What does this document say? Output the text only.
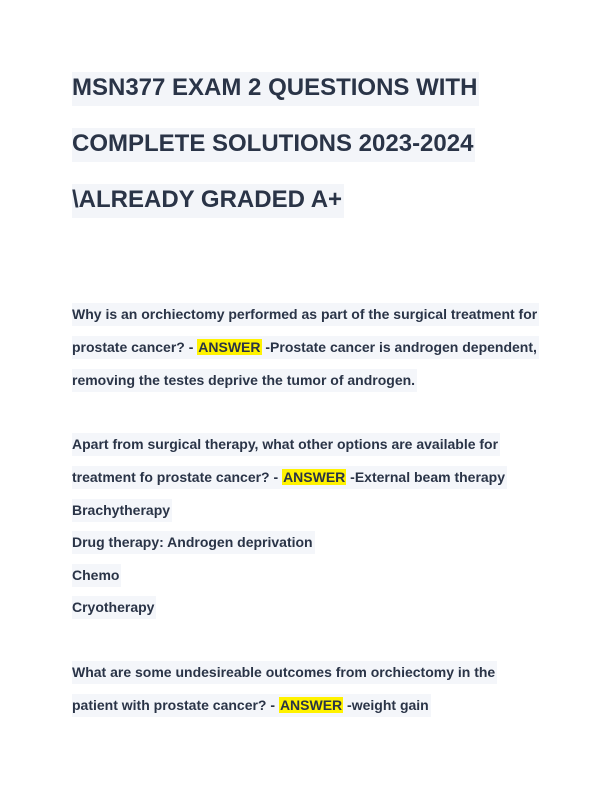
MSN377 EXAM 2 QUESTIONS WITH
COMPLETE SOLUTIONS 2023-2024
\ALREADY GRADED A+
Why is an orchiectomy performed as part of the surgical treatment for
prostate cancer? - ANSWER -Prostate cancer is androgen dependent,
removing the testes deprive the tumor of androgen.
Apart from surgical therapy, what other options are available for
treatment fo prostate cancer? - ANSWER -External beam therapy
Brachytherapy
Drug therapy: Androgen deprivation
Chemo
Cryotherapy
What are some undesireable outcomes from orchiectomy in the
patient with prostate cancer? - ANSWER -weight gain
